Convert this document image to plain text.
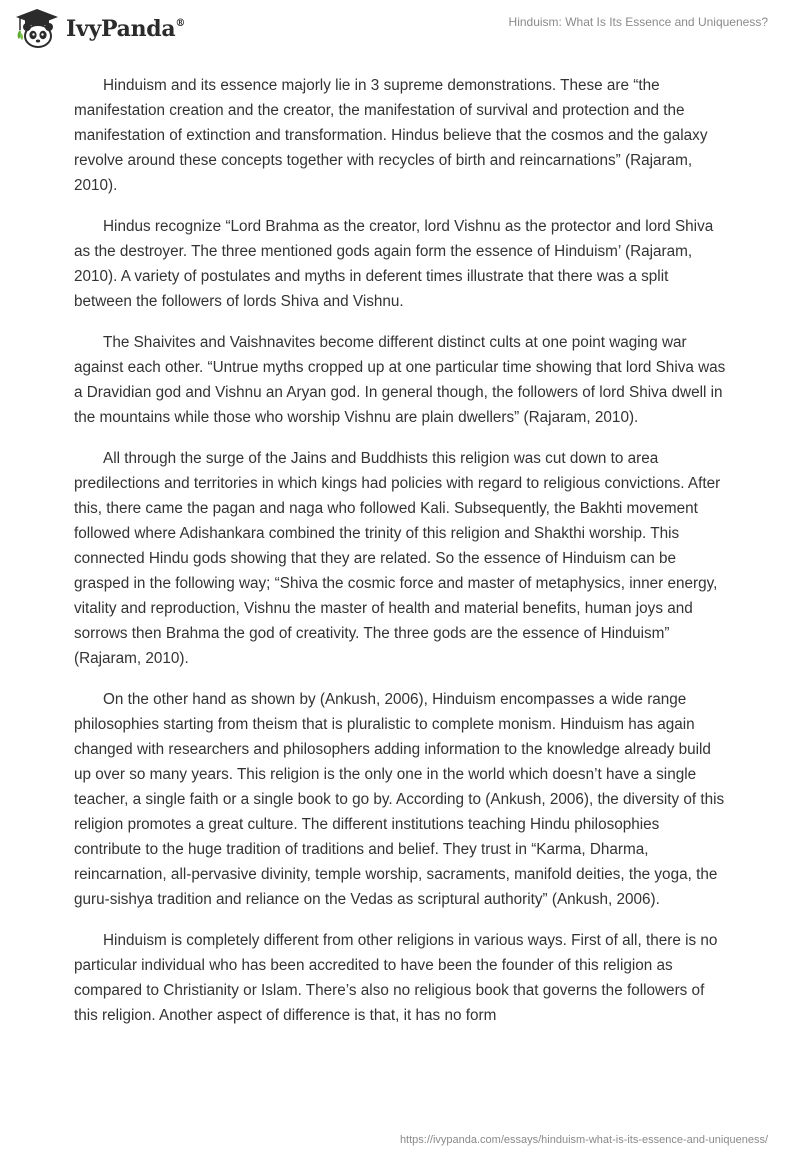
IvyPanda®	Hinduism: What Is Its Essence and Uniqueness?

Hinduism and its essence majorly lie in 3 supreme demonstrations. These are “the manifestation creation and the creator, the manifestation of survival and protection and the manifestation of extinction and transformation. Hindus believe that the cosmos and the galaxy revolve around these concepts together with recycles of birth and reincarnations” (Rajaram, 2010).

Hindus recognize “Lord Brahma as the creator, lord Vishnu as the protector and lord Shiva as the destroyer. The three mentioned gods again form the essence of Hinduism’ (Rajaram, 2010). A variety of postulates and myths in deferent times illustrate that there was a split between the followers of lords Shiva and Vishnu.

The Shaivites and Vaishnavites become different distinct cults at one point waging war against each other. “Untrue myths cropped up at one particular time showing that lord Shiva was a Dravidian god and Vishnu an Aryan god. In general though, the followers of lord Shiva dwell in the mountains while those who worship Vishnu are plain dwellers” (Rajaram, 2010).

All through the surge of the Jains and Buddhists this religion was cut down to area predilections and territories in which kings had policies with regard to religious convictions. After this, there came the pagan and naga who followed Kali. Subsequently, the Bakhti movement followed where Adishankara combined the trinity of this religion and Shakthi worship. This connected Hindu gods showing that they are related. So the essence of Hinduism can be grasped in the following way; “Shiva the cosmic force and master of metaphysics, inner energy, vitality and reproduction, Vishnu the master of health and material benefits, human joys and sorrows then Brahma the god of creativity. The three gods are the essence of Hinduism” (Rajaram, 2010).

On the other hand as shown by (Ankush, 2006), Hinduism encompasses a wide range philosophies starting from theism that is pluralistic to complete monism. Hinduism has again changed with researchers and philosophers adding information to the knowledge already build up over so many years. This religion is the only one in the world which doesn’t have a single teacher, a single faith or a single book to go by. According to (Ankush, 2006), the diversity of this religion promotes a great culture. The different institutions teaching Hindu philosophies contribute to the huge tradition of traditions and belief. They trust in “Karma, Dharma, reincarnation, all-pervasive divinity, temple worship, sacraments, manifold deities, the yoga, the guru-sishya tradition and reliance on the Vedas as scriptural authority” (Ankush, 2006).

Hinduism is completely different from other religions in various ways. First of all, there is no particular individual who has been accredited to have been the founder of this religion as compared to Christianity or Islam. There’s also no religious book that governs the followers of this religion. Another aspect of difference is that, it has no form

https://ivypanda.com/essays/hinduism-what-is-its-essence-and-uniqueness/
